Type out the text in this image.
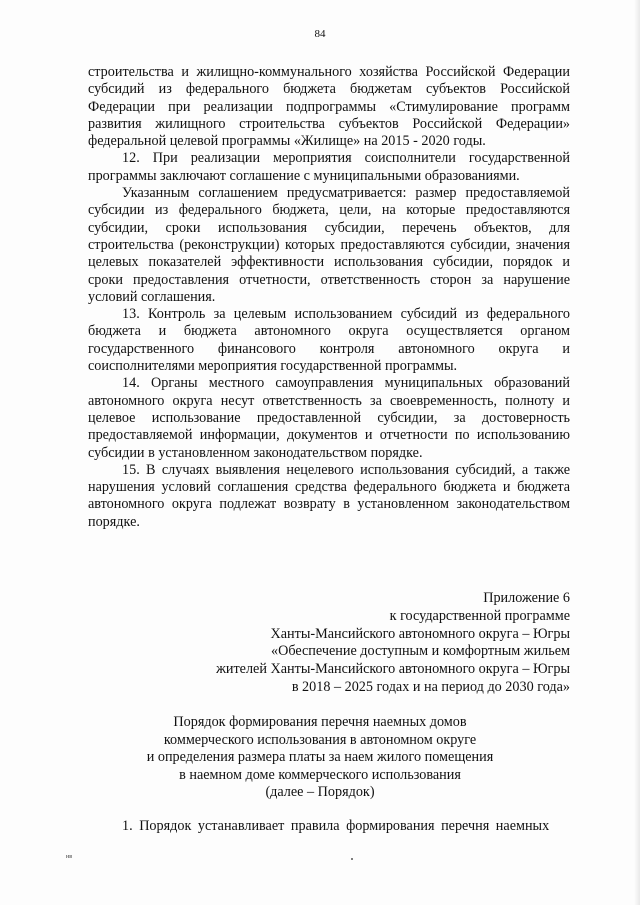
84

строительства и жилищно-коммунального хозяйства Российской Федерации субсидий из федерального бюджета бюджетам субъектов Российской Федерации при реализации подпрограммы «Стимулирование программ развития жилищного строительства субъектов Российской Федерации» федеральной целевой программы «Жилище» на 2015 - 2020 годы.

12. При реализации мероприятия соисполнители государственной программы заключают соглашение с муниципальными образованиями.

Указанным соглашением предусматривается: размер предоставляемой субсидии из федерального бюджета, цели, на которые предоставляются субсидии, сроки использования субсидии, перечень объектов, для строительства (реконструкции) которых предоставляются субсидии, значения целевых показателей эффективности использования субсидии, порядок и сроки предоставления отчетности, ответственность сторон за нарушение условий соглашения.

13. Контроль за целевым использованием субсидий из федерального бюджета и бюджета автономного округа осуществляется органом государственного финансового контроля автономного округа и соисполнителями мероприятия государственной программы.

14. Органы местного самоуправления муниципальных образований автономного округа несут ответственность за своевременность, полноту и целевое использование предоставленной субсидии, за достоверность предоставляемой информации, документов и отчетности по использованию субсидии в установленном законодательством порядке.

15. В случаях выявления нецелевого использования субсидий, а также нарушения условий соглашения средства федерального бюджета и бюджета автономного округа подлежат возврату в установленном законодательством порядке.

Приложение 6
к государственной программе
Ханты-Мансийского автономного округа – Югры
«Обеспечение доступным и комфортным жильем
жителей Ханты-Мансийского автономного округа – Югры
в 2018 – 2025 годах и на период до 2030 года»
Порядок формирования перечня наемных домов
коммерческого использования в автономном округе
и определения размера платы за наем жилого помещения
в наемном доме коммерческого использования
(далее – Порядок)
1. Порядок устанавливает правила формирования перечня наемных
нв
